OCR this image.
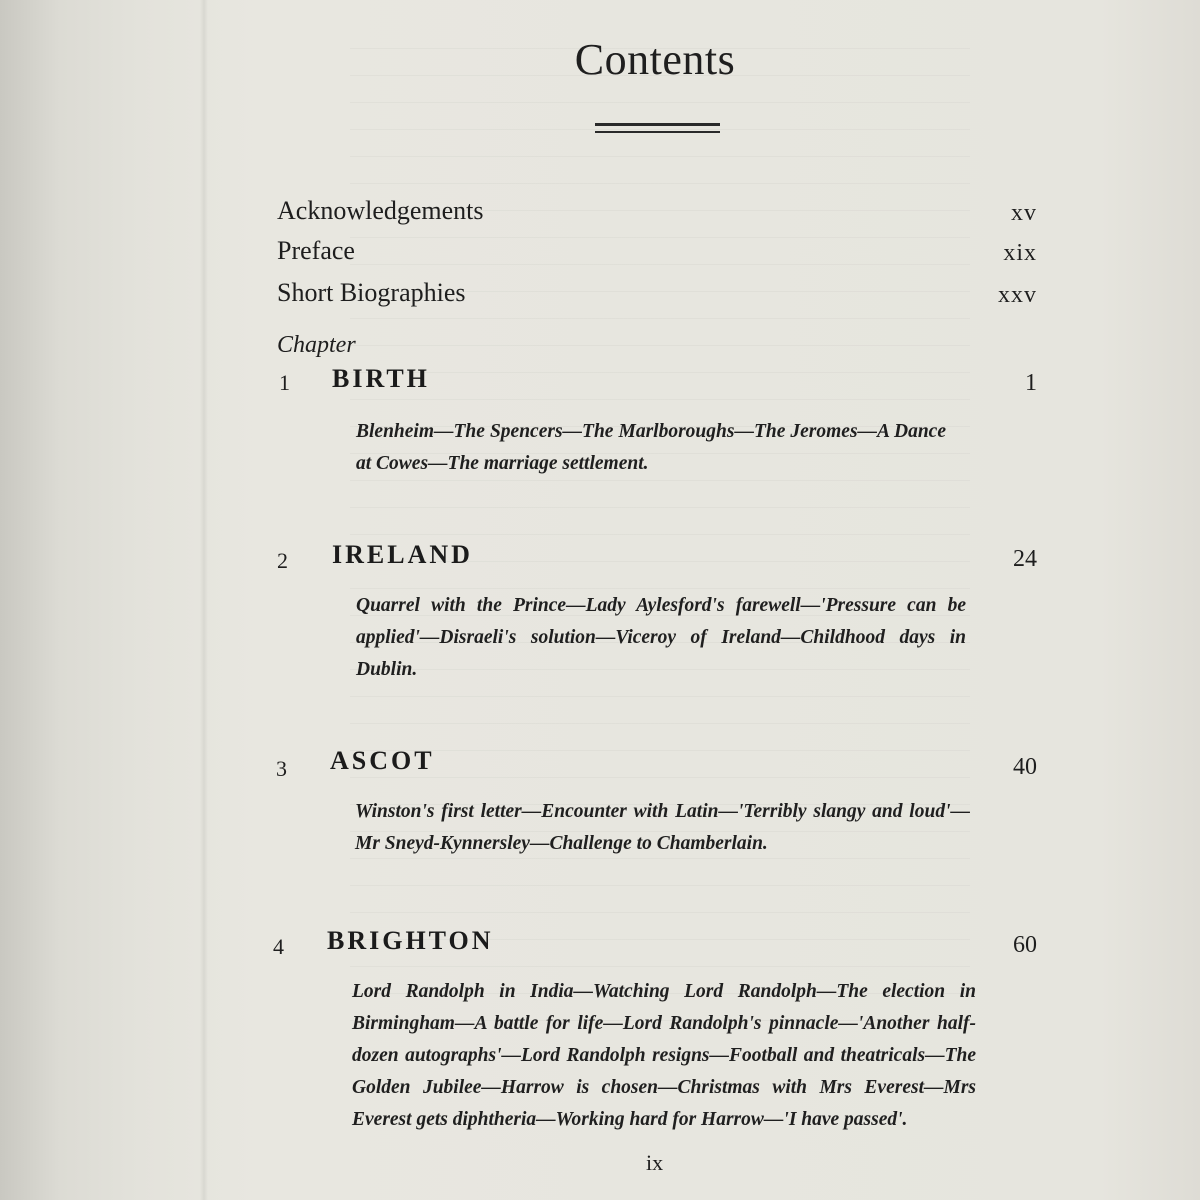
Contents
Acknowledgements	xv
Preface	xix
Short Biographies	xxv
Chapter
1 BIRTH	1
Blenheim—The Spencers—The Marlboroughs—The Jeromes—A Dance at Cowes—The marriage settlement.
2 IRELAND	24
Quarrel with the Prince—Lady Aylesford's farewell—'Pressure can be applied'—Disraeli's solution—Viceroy of Ireland—Childhood days in Dublin.
3 ASCOT	40
Winston's first letter—Encounter with Latin—'Terribly slangy and loud'—Mr Sneyd-Kynnersley—Challenge to Chamberlain.
4 BRIGHTON	60
Lord Randolph in India—Watching Lord Randolph—The election in Birmingham—A battle for life—Lord Randolph's pinnacle—'Another half-dozen autographs'—Lord Randolph resigns—Football and theatricals—The Golden Jubilee—Harrow is chosen—Christmas with Mrs Everest—Mrs Everest gets diphtheria—Working hard for Harrow—'I have passed'.
ix
